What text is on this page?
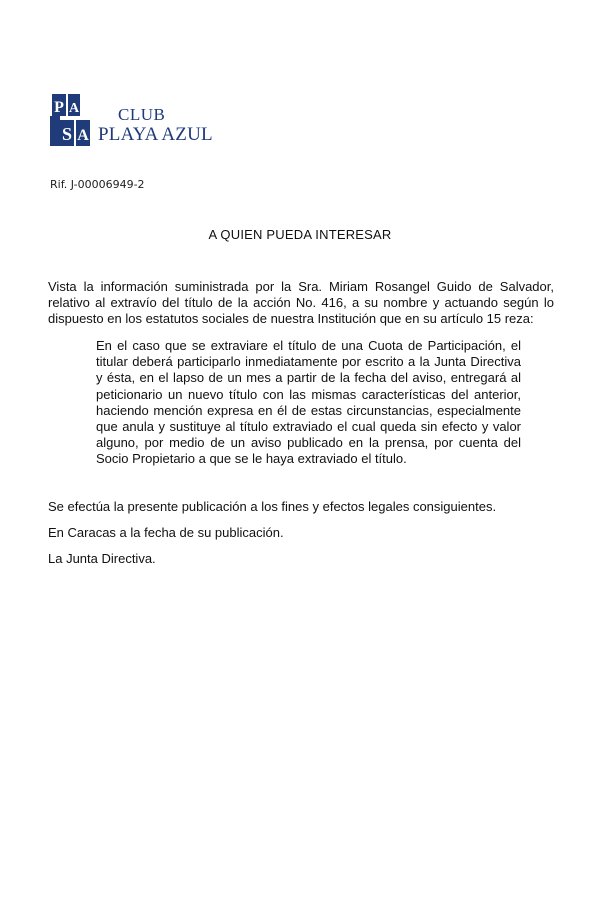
P A
S A
CLUB
PLAYA AZUL
Rif. J-00006949-2
A QUIEN PUEDA INTERESAR
Vista la información suministrada por la Sra. Miriam Rosangel Guido de Salvador, relativo al extravío del título de la acción No. 416, a su nombre y actuando según lo dispuesto en los estatutos sociales de nuestra Institución que en su artículo 15 reza:
En el caso que se extraviare el título de una Cuota de Participación, el titular deberá participarlo inmediatamente por escrito a la Junta Directiva y ésta, en el lapso de un mes a partir de la fecha del aviso, entregará al peticionario un nuevo título con las mismas características del anterior, haciendo mención expresa en él de estas circunstancias, especialmente que anula y sustituye al título extraviado el cual queda sin efecto y valor alguno, por medio de un aviso publicado en la prensa, por cuenta del Socio Propietario a que se le haya extraviado el título.
Se efectúa la presente publicación a los fines y efectos legales consiguientes.
En Caracas a la fecha de su publicación.
La Junta Directiva.
